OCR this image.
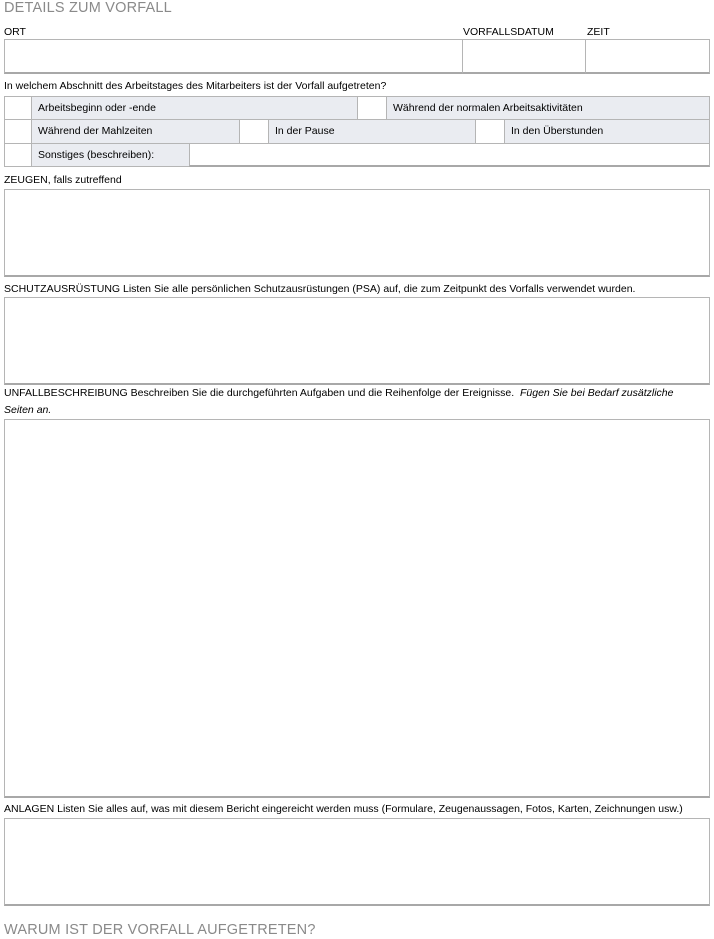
DETAILS ZUM VORFALL
ORT	VORFALLSDATUM	ZEIT
In welchem Abschnitt des Arbeitstages des Mitarbeiters ist der Vorfall aufgetreten?
Arbeitsbeginn oder -ende	Während der normalen Arbeitsaktivitäten
Während der Mahlzeiten	In der Pause	In den Überstunden
Sonstiges (beschreiben):
ZEUGEN, falls zutreffend
SCHUTZAUSRÜSTUNG Listen Sie alle persönlichen Schutzausrüstungen (PSA) auf, die zum Zeitpunkt des Vorfalls verwendet wurden.
UNFALLBESCHREIBUNG Beschreiben Sie die durchgeführten Aufgaben und die Reihenfolge der Ereignisse. Fügen Sie bei Bedarf zusätzliche Seiten an.
ANLAGEN Listen Sie alles auf, was mit diesem Bericht eingereicht werden muss (Formulare, Zeugenaussagen, Fotos, Karten, Zeichnungen usw.)
WARUM IST DER VORFALL AUFGETRETEN?
